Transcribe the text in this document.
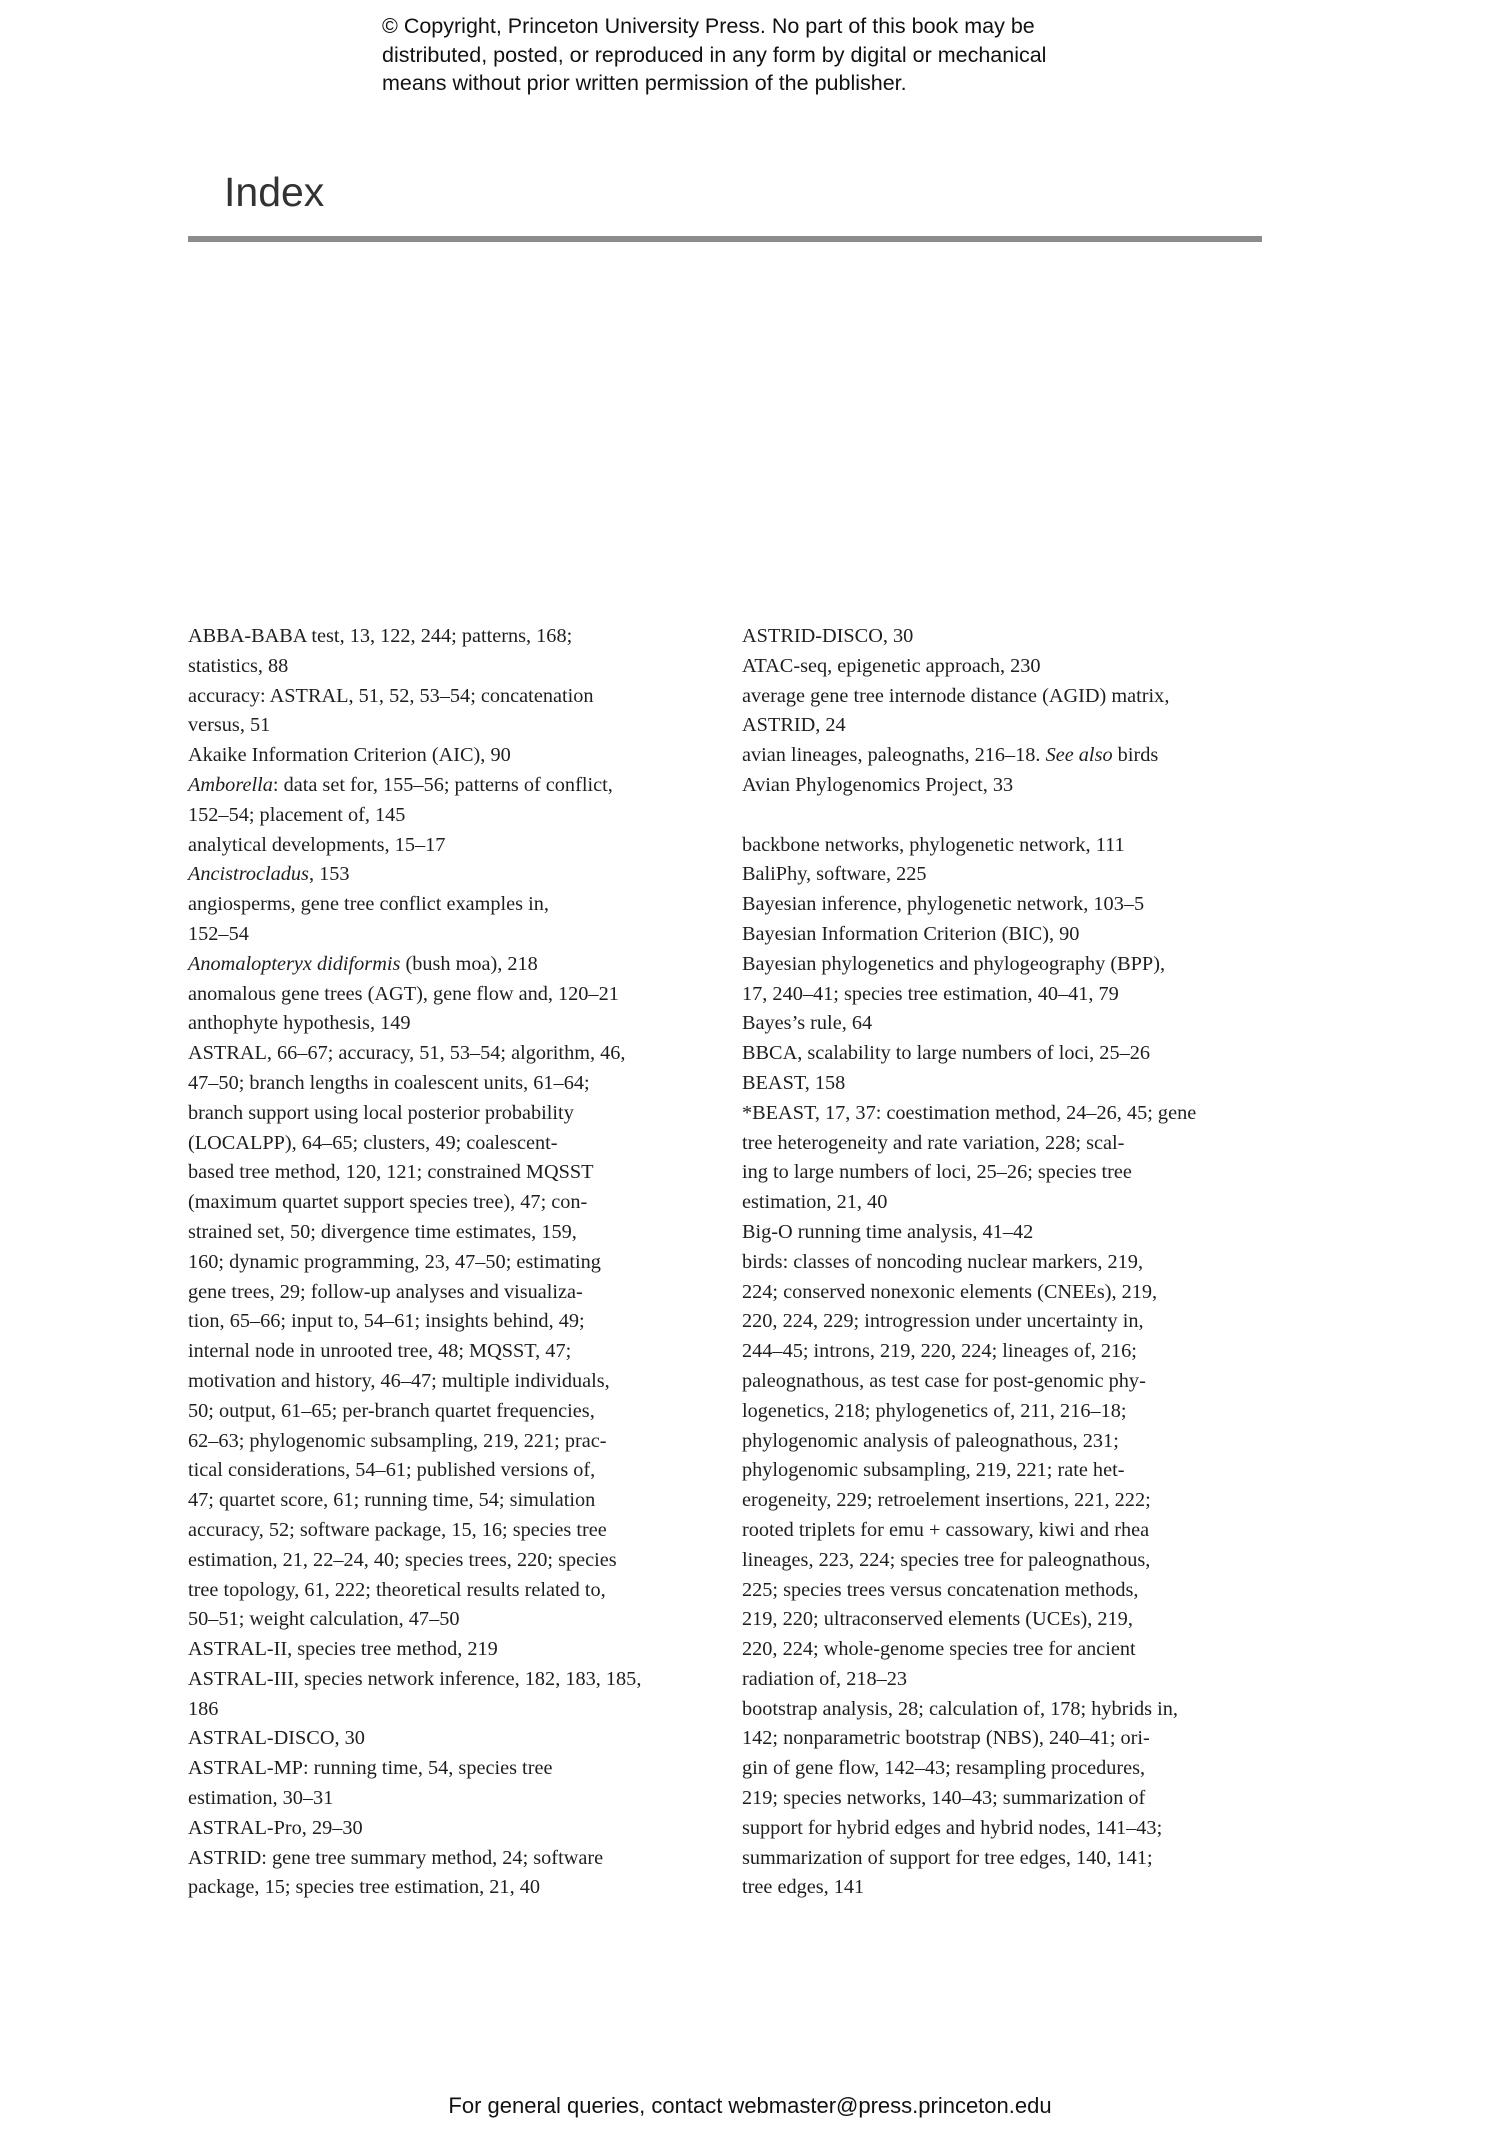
© Copyright, Princeton University Press. No part of this book may be
distributed, posted, or reproduced in any form by digital or mechanical
means without prior written permission of the publisher.
Index

ABBA-BABA test, 13, 122, 244; patterns, 168;
statistics, 88

accuracy: ASTRAL, 51, 52, 53–54; concatenation
versus, 51

Akaike Information Criterion (AIC), 90

Amborella: data set for, 155–56; patterns of conflict,
152–54; placement of, 145

analytical developments, 15–17

Ancistrocladus, 153

angiosperms, gene tree conflict examples in,
152–54

Anomalopteryx didiformis (bush moa), 218

anomalous gene trees (AGT), gene flow and, 120–21

anthophyte hypothesis, 149

ASTRAL, 66–67; accuracy, 51, 53–54; algorithm, 46,
47–50; branch lengths in coalescent units, 61–64;
branch support using local posterior probability
(LOCALPP), 64–65; clusters, 49; coalescent-
based tree method, 120, 121; constrained MQSST
(maximum quartet support species tree), 47; con-
strained set, 50; divergence time estimates, 159,
160; dynamic programming, 23, 47–50; estimating
gene trees, 29; follow-up analyses and visualiza-
tion, 65–66; input to, 54–61; insights behind, 49;
internal node in unrooted tree, 48; MQSST, 47;
motivation and history, 46–47; multiple individuals,
50; output, 61–65; per-branch quartet frequencies,
62–63; phylogenomic subsampling, 219, 221; prac-
tical considerations, 54–61; published versions of,
47; quartet score, 61; running time, 54; simulation
accuracy, 52; software package, 15, 16; species tree
estimation, 21, 22–24, 40; species trees, 220; species
tree topology, 61, 222; theoretical results related to,
50–51; weight calculation, 47–50

ASTRAL-II, species tree method, 219

ASTRAL-III, species network inference, 182, 183, 185,
186

ASTRAL-DISCO, 30

ASTRAL-MP: running time, 54, species tree
estimation, 30–31

ASTRAL-Pro, 29–30

ASTRID: gene tree summary method, 24; software
package, 15; species tree estimation, 21, 40

ASTRID-DISCO, 30

ATAC-seq, epigenetic approach, 230

average gene tree internode distance (AGID) matrix,
ASTRID, 24

avian lineages, paleognaths, 216–18. See also birds

Avian Phylogenomics Project, 33

backbone networks, phylogenetic network, 111

BaliPhy, software, 225

Bayesian inference, phylogenetic network, 103–5

Bayesian Information Criterion (BIC), 90

Bayesian phylogenetics and phylogeography (BPP),
17, 240–41; species tree estimation, 40–41, 79

Bayes’s rule, 64

BBCA, scalability to large numbers of loci, 25–26

BEAST, 158

*BEAST, 17, 37: coestimation method, 24–26, 45; gene
tree heterogeneity and rate variation, 228; scal-
ing to large numbers of loci, 25–26; species tree
estimation, 21, 40

Big-O running time analysis, 41–42

birds: classes of noncoding nuclear markers, 219,
224; conserved nonexonic elements (CNEEs), 219,
220, 224, 229; introgression under uncertainty in,
244–45; introns, 219, 220, 224; lineages of, 216;
paleognathous, as test case for post-genomic phy-
logenetics, 218; phylogenetics of, 211, 216–18;
phylogenomic analysis of paleognathous, 231;
phylogenomic subsampling, 219, 221; rate het-
erogeneity, 229; retroelement insertions, 221, 222;
rooted triplets for emu + cassowary, kiwi and rhea
lineages, 223, 224; species tree for paleognathous,
225; species trees versus concatenation methods,
219, 220; ultraconserved elements (UCEs), 219,
220, 224; whole-genome species tree for ancient
radiation of, 218–23

bootstrap analysis, 28; calculation of, 178; hybrids in,
142; nonparametric bootstrap (NBS), 240–41; ori-
gin of gene flow, 142–43; resampling procedures,
219; species networks, 140–43; summarization of
support for hybrid edges and hybrid nodes, 141–43;
summarization of support for tree edges, 140, 141;
tree edges, 141

For general queries, contact webmaster@press.princeton.edu
